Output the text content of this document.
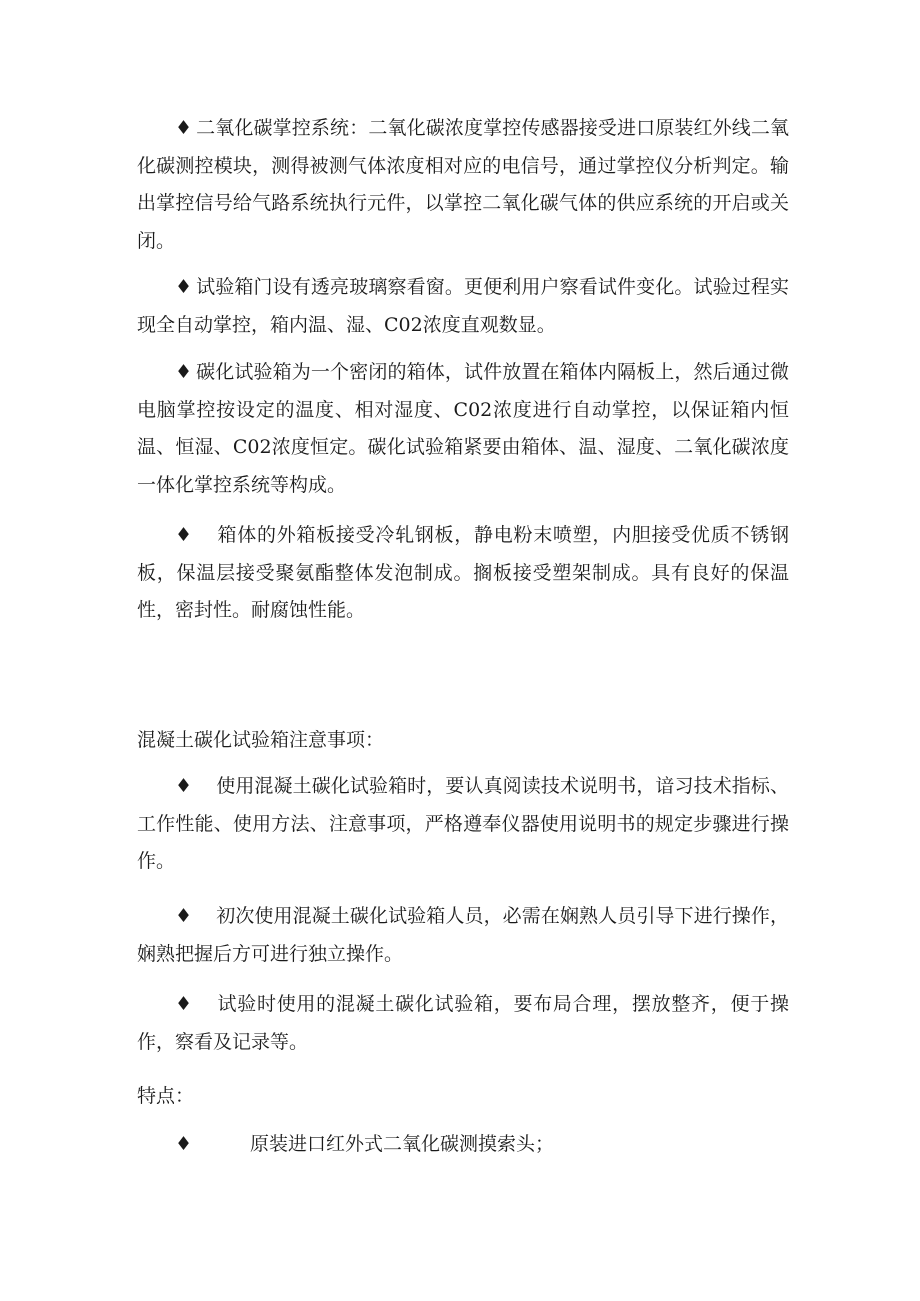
♦ 二氧化碳掌控系统：二氧化碳浓度掌控传感器接受进口原装红外线二氧化碳测控模块，测得被测气体浓度相对应的电信号，通过掌控仪分析判定。输出掌控信号给气路系统执行元件，以掌控二氧化碳气体的供应系统的开启或关闭。

♦ 试验箱门设有透亮玻璃察看窗。更便利用户察看试件变化。试验过程实现全自动掌控，箱内温、湿、C02浓度直观数显。

♦ 碳化试验箱为一个密闭的箱体，试件放置在箱体内隔板上，然后通过微电脑掌控按设定的温度、相对湿度、C02浓度进行自动掌控，以保证箱内恒温、恒湿、C02浓度恒定。碳化试验箱紧要由箱体、温、湿度、二氧化碳浓度一体化掌控系统等构成。

♦ 箱体的外箱板接受冷轧钢板，静电粉末喷塑，内胆接受优质不锈钢板，保温层接受聚氨酯整体发泡制成。搁板接受塑架制成。具有良好的保温性，密封性。耐腐蚀性能。

混凝土碳化试验箱注意事项：

♦ 使用混凝土碳化试验箱时，要认真阅读技术说明书，谙习技术指标、工作性能、使用方法、注意事项，严格遵奉仪器使用说明书的规定步骤进行操作。

♦ 初次使用混凝土碳化试验箱人员，必需在娴熟人员引导下进行操作，娴熟把握后方可进行独立操作。

♦ 试验时使用的混凝土碳化试验箱，要布局合理，摆放整齐，便于操作，察看及记录等。

特点：

♦	原装进口红外式二氧化碳测摸索头；
